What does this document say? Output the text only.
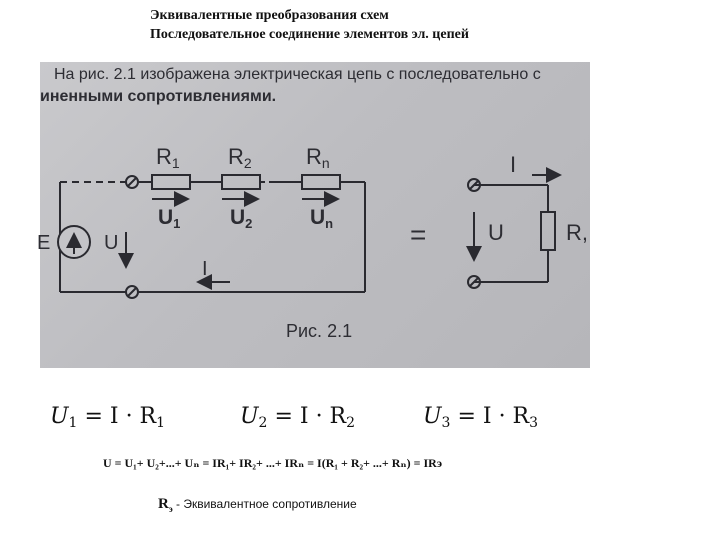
Эквивалентные преобразования схем
Последовательное соединение элементов эл. цепей
На рис. 2.1 изображена электрическая цепь с последовательно с
иненными сопротивлениями.
E	U
I
R1 R2 Rn
U1 U2	Un	=
I
U	R,
Рис. 2.1
$U_1 = I \cdot R_1$	$U_2 = I \cdot R_2$	$U_3 = I \cdot R_3$
U = U₁+ U₂+...+ Uₙ = IR₁+ IR₂+ ...+ IRₙ = I(R₁ + R₂+ ...+ Rₙ) = IRэ
$R_э$ - Эквивалентное сопротивление
